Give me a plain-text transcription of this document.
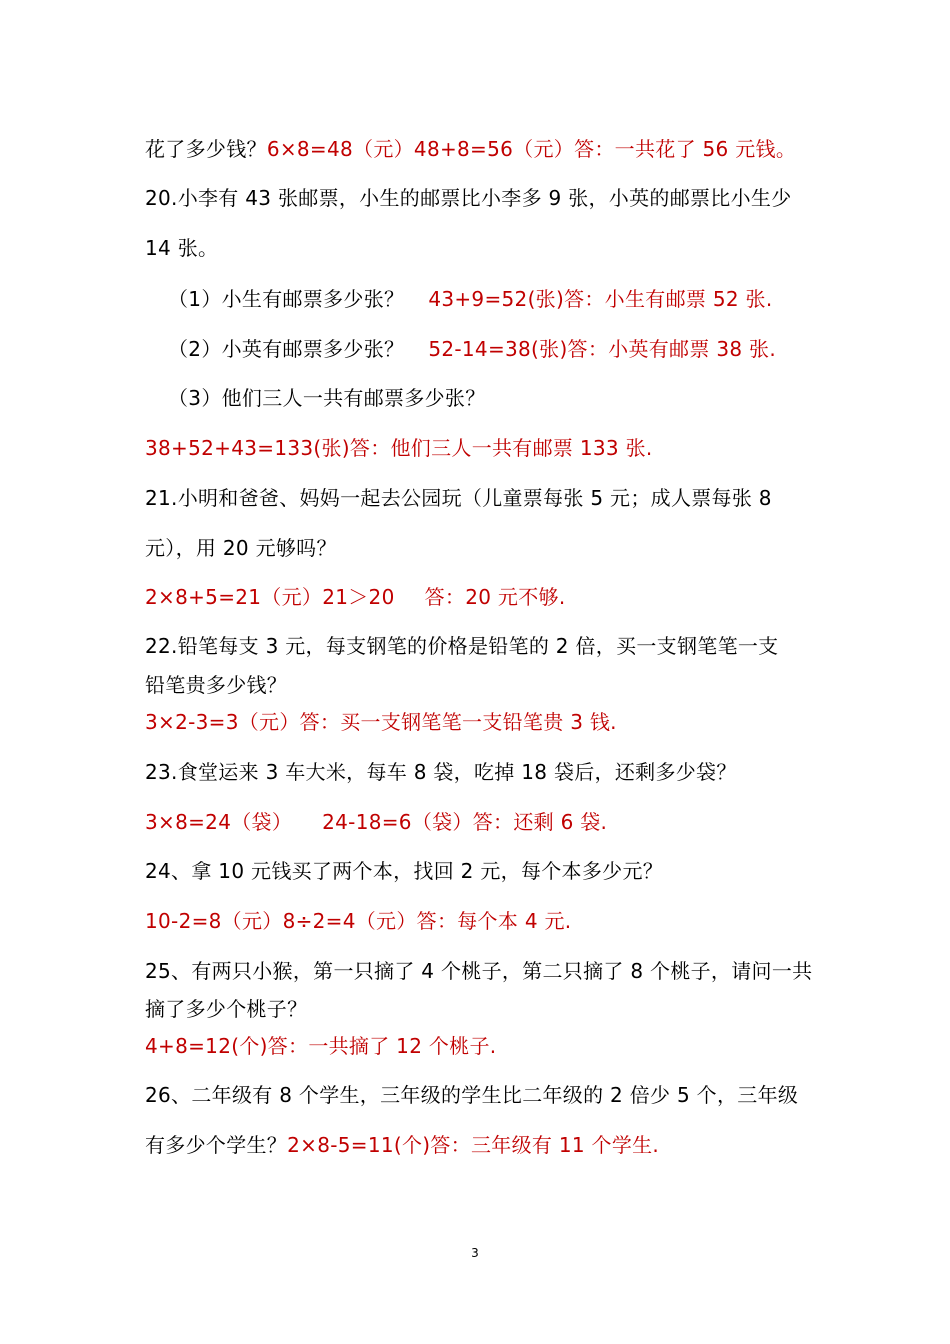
花了多少钱？6×8=48（元）48+8=56（元）答：一共花了 56 元钱。
20.小李有 43 张邮票，小生的邮票比小李多 9 张，小英的邮票比小生少
14 张。
（1）小生有邮票多少张？ 43+9=52(张)答：小生有邮票 52 张.
（2）小英有邮票多少张？ 52-14=38(张)答：小英有邮票 38 张.
（3）他们三人一共有邮票多少张？
38+52+43=133(张)答：他们三人一共有邮票 133 张.
21.小明和爸爸、妈妈一起去公园玩（儿童票每张 5 元；成人票每张 8
元），用 20 元够吗？
2×8+5=21（元）21＞20 答：20 元不够.
22.铅笔每支 3 元，每支钢笔的价格是铅笔的 2 倍，买一支钢笔笔一支
铅笔贵多少钱？
3×2-3=3（元）答：买一支钢笔笔一支铅笔贵 3 钱.
23.食堂运来 3 车大米，每车 8 袋，吃掉 18 袋后，还剩多少袋？
3×8=24（袋） 24-18=6（袋）答：还剩 6 袋.
24、拿 10 元钱买了两个本，找回 2 元，每个本多少元？
10-2=8（元）8÷2=4（元）答：每个本 4 元.
25、有两只小猴，第一只摘了 4 个桃子，第二只摘了 8 个桃子，请问一共
摘了多少个桃子？
4+8=12(个)答：一共摘了 12 个桃子.
26、二年级有 8 个学生，三年级的学生比二年级的 2 倍少 5 个，三年级
有多少个学生？2×8-5=11(个)答：三年级有 11 个学生.
3
